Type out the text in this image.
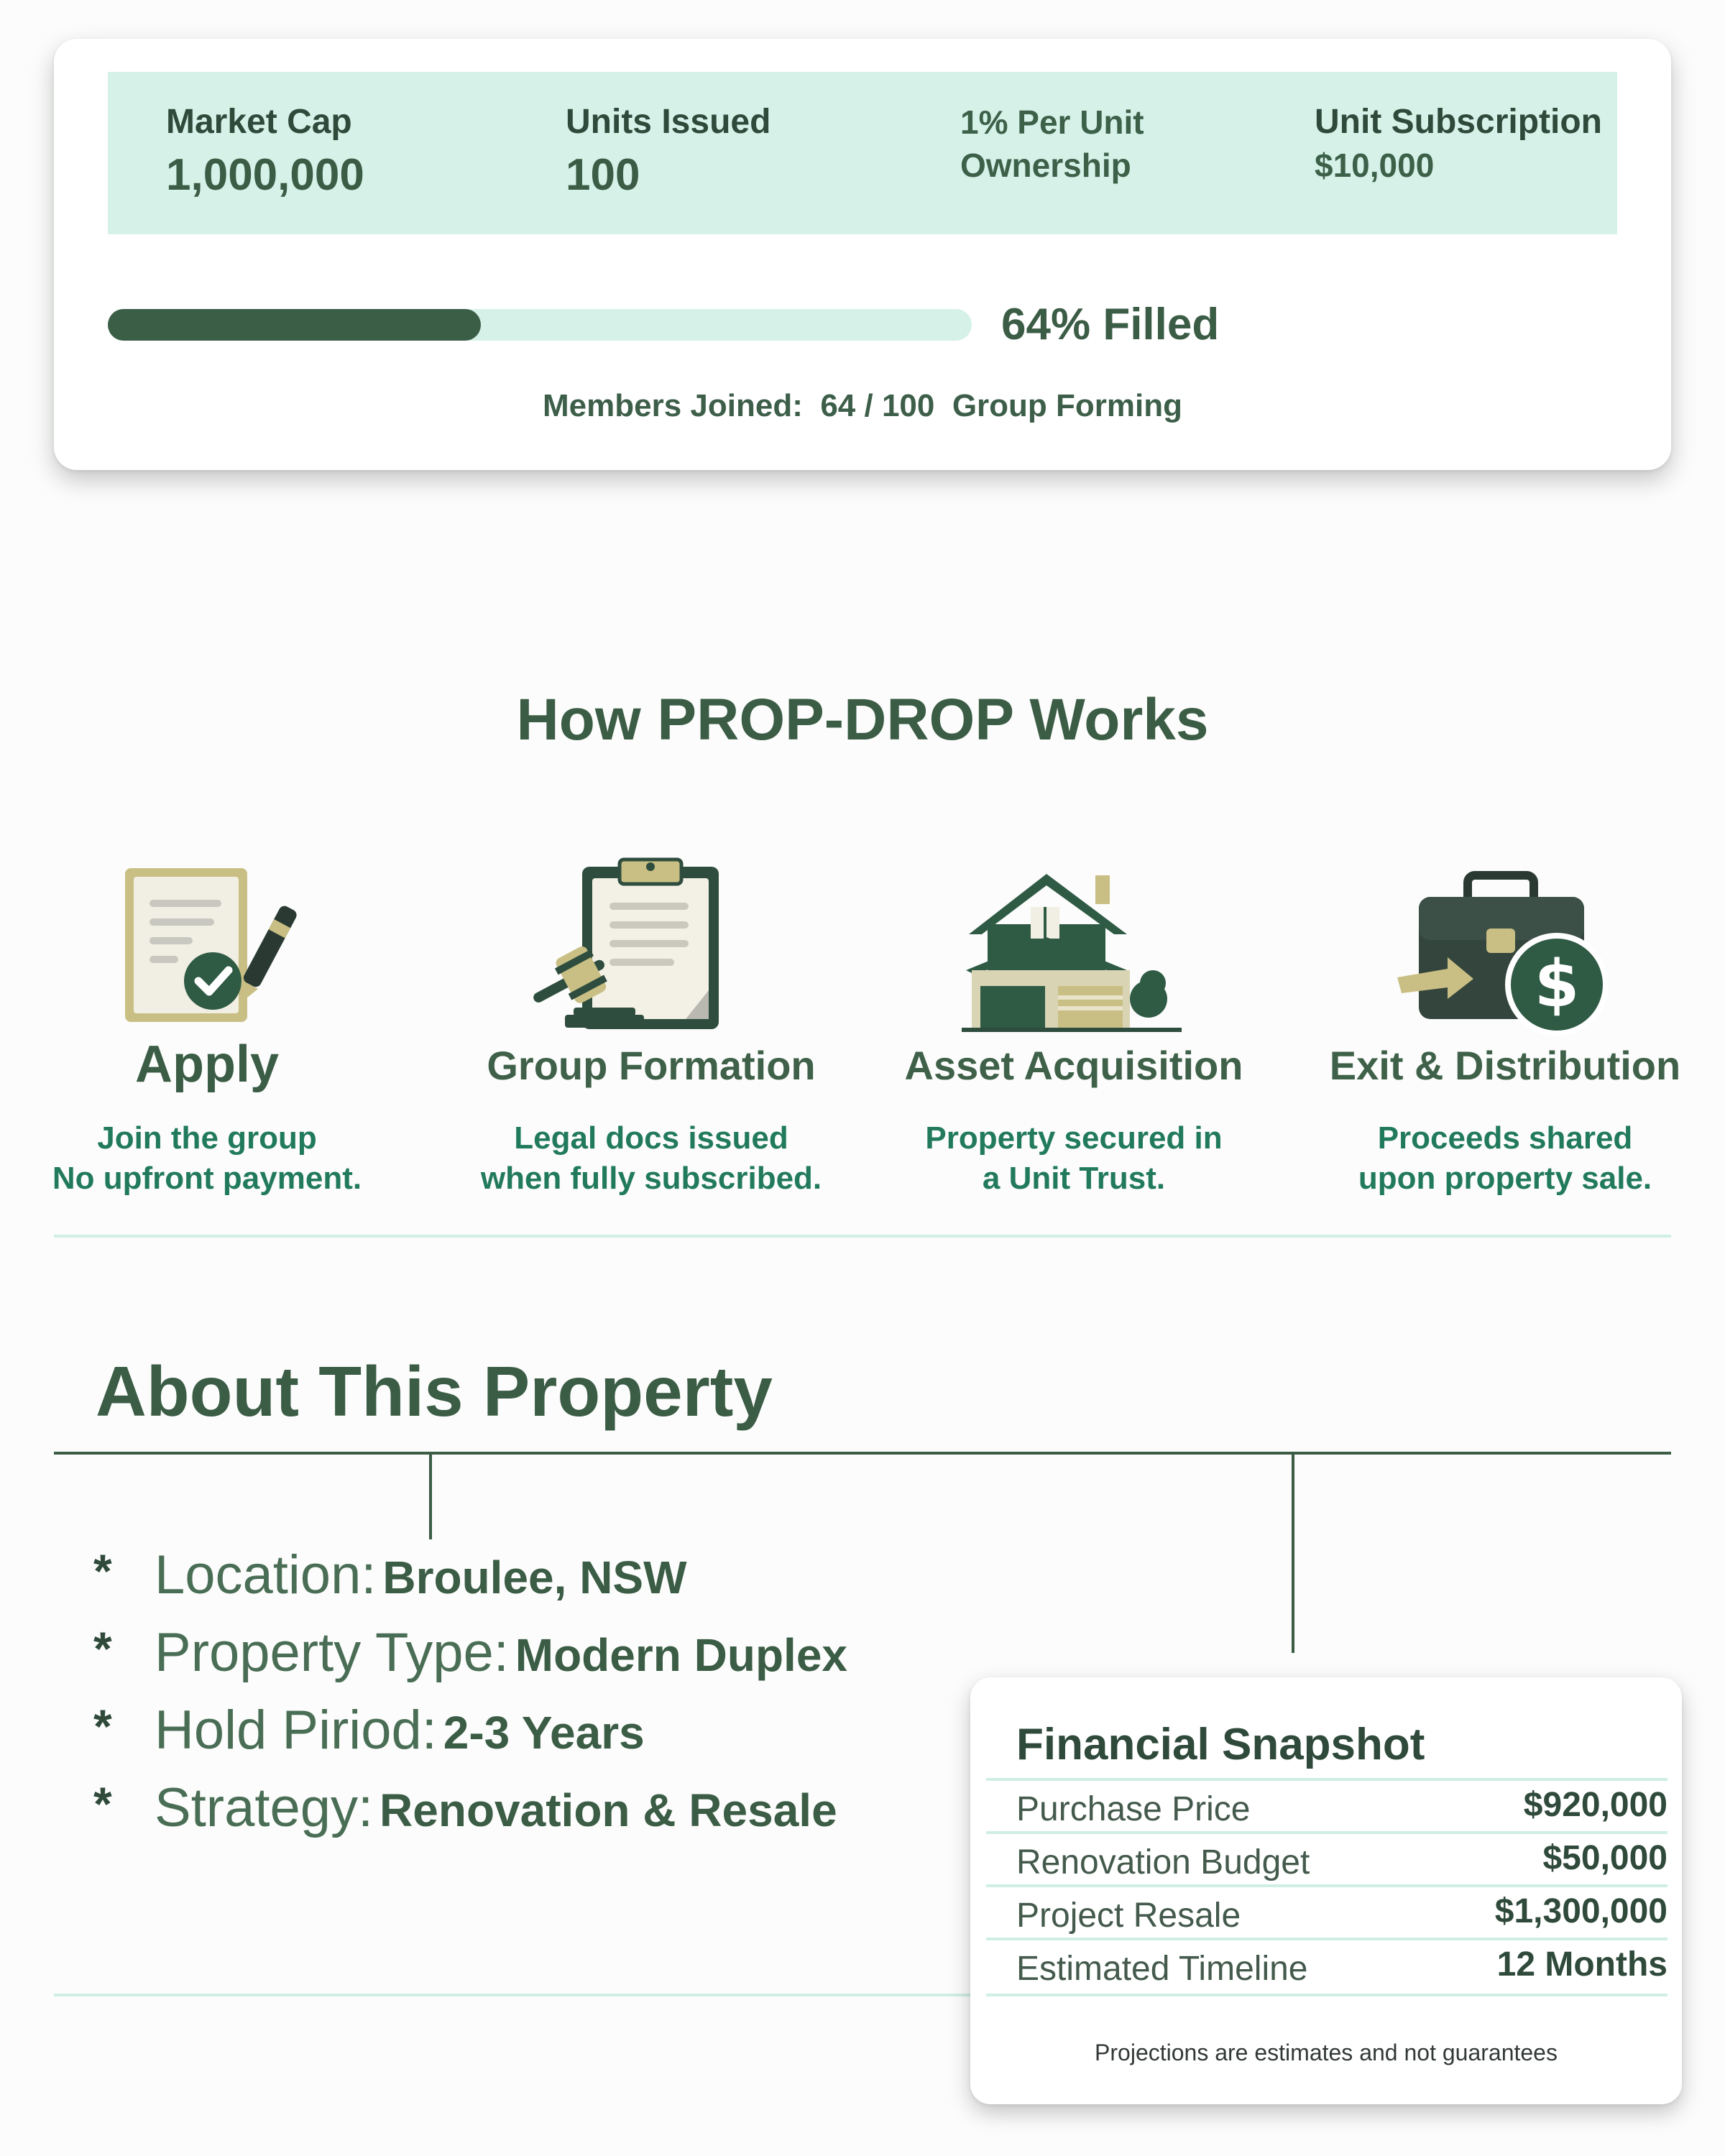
Market Cap
1,000,000
Units Issued
100
1% Per Unit
Ownership
Unit Subscription
$10,000
64% Filled
Members Joined: 64 / 100 Group Forming
How PROP-DROP Works
Apply
Join the group
No upfront payment.
Group Formation
Legal docs issued
when fully subscribed.
Asset Acquisition
Property secured in
a Unit Trust.
$
Exit & Distribution
Proceeds shared
upon property sale.
About This Property
* Location: Broulee, NSW
* Property Type: Modern Duplex
* Hold Piriod: 2-3 Years
* Strategy: Renovation & Resale
Financial Snapshot
Purchase Price	$920,000
Renovation Budget	$50,000
Project Resale	$1,300,000
Estimated Timeline	12 Months
Projections are estimates and not guarantees
